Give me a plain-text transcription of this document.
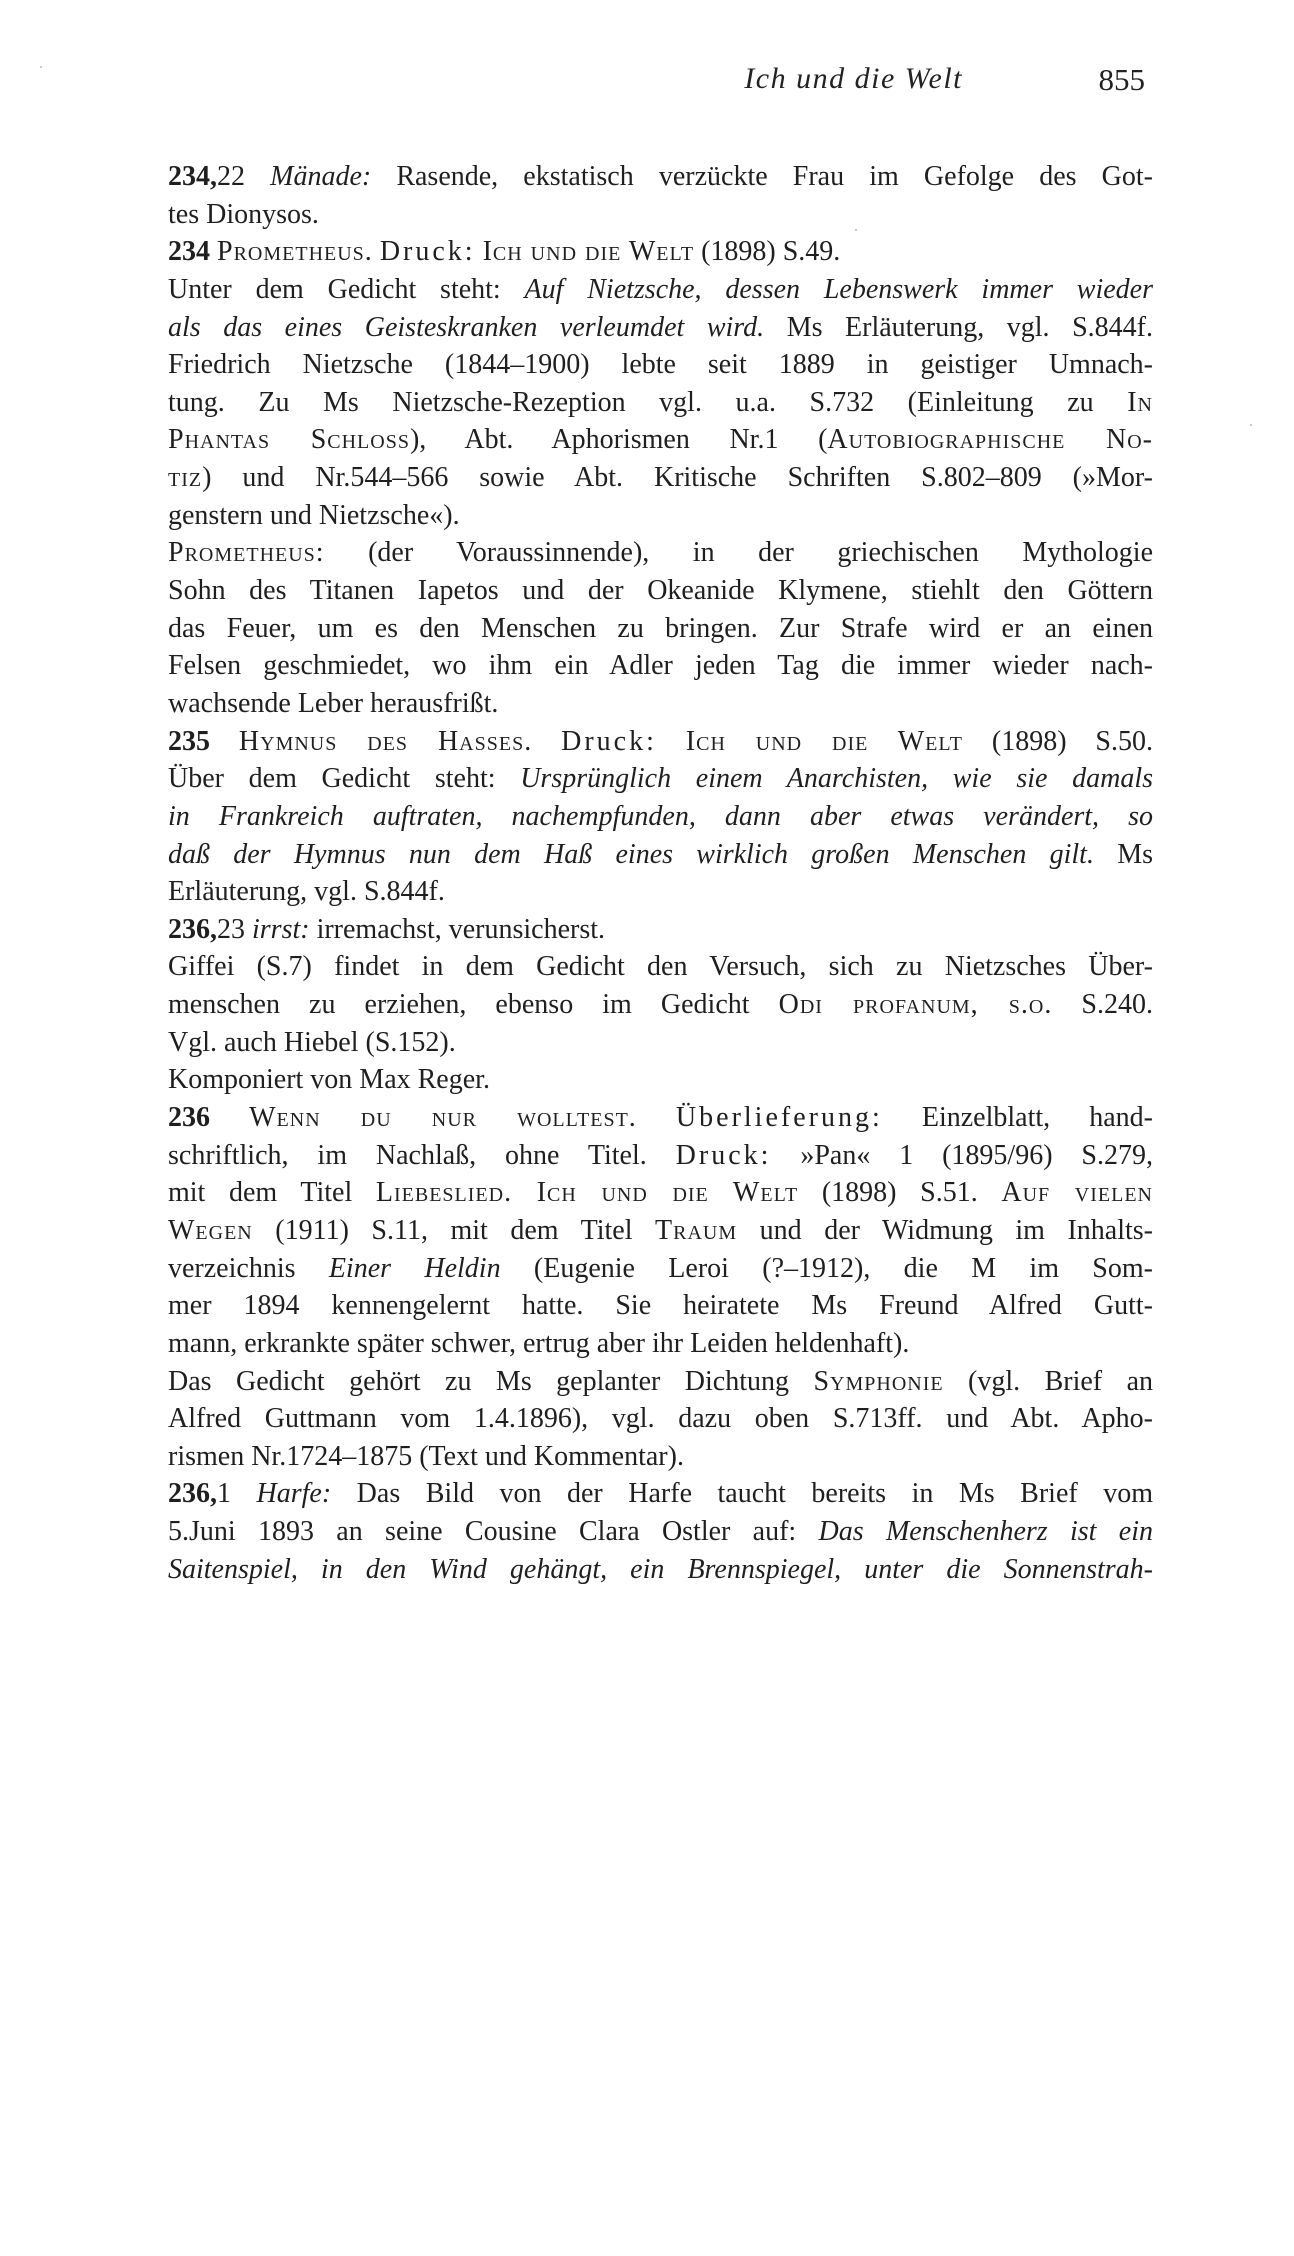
Ich und die Welt	855
234,22 Mänade: Rasende, ekstatisch verzückte Frau im Gefolge des Got-
tes Dionysos.
234 Prometheus. Druck: Ich und die Welt (1898) S.49.
Unter dem Gedicht steht: Auf Nietzsche, dessen Lebenswerk immer wieder
als das eines Geisteskranken verleumdet wird. Ms Erläuterung, vgl. S.844f.
Friedrich Nietzsche (1844–1900) lebte seit 1889 in geistiger Umnach-
tung. Zu Ms Nietzsche-Rezeption vgl. u.a. S.732 (Einleitung zu In
Phantas Schloss), Abt. Aphorismen Nr.1 (Autobiographische No-
tiz) und Nr.544–566 sowie Abt. Kritische Schriften S.802–809 (»Mor-
genstern und Nietzsche«).
Prometheus: (der Voraussinnende), in der griechischen Mythologie
Sohn des Titanen Iapetos und der Okeanide Klymene, stiehlt den Göttern
das Feuer, um es den Menschen zu bringen. Zur Strafe wird er an einen
Felsen geschmiedet, wo ihm ein Adler jeden Tag die immer wieder nach-
wachsende Leber herausfrißt.
235 Hymnus des Hasses. Druck: Ich und die Welt (1898) S.50.
Über dem Gedicht steht: Ursprünglich einem Anarchisten, wie sie damals
in Frankreich auftraten, nachempfunden, dann aber etwas verändert, so
daß der Hymnus nun dem Haß eines wirklich großen Menschen gilt. Ms
Erläuterung, vgl. S.844f.
236,23 irrst: irremachst, verunsicherst.
Giffei (S.7) findet in dem Gedicht den Versuch, sich zu Nietzsches Über-
menschen zu erziehen, ebenso im Gedicht Odi profanum, s.o. S.240.
Vgl. auch Hiebel (S.152).
Komponiert von Max Reger.
236 Wenn du nur wolltest. Überlieferung: Einzelblatt, hand-
schriftlich, im Nachlaß, ohne Titel. Druck: »Pan« 1 (1895/96) S.279,
mit dem Titel Liebeslied. Ich und die Welt (1898) S.51. Auf vielen
Wegen (1911) S.11, mit dem Titel Traum und der Widmung im Inhalts-
verzeichnis Einer Heldin (Eugenie Leroi (?–1912), die M im Som-
mer 1894 kennengelernt hatte. Sie heiratete Ms Freund Alfred Gutt-
mann, erkrankte später schwer, ertrug aber ihr Leiden heldenhaft).
Das Gedicht gehört zu Ms geplanter Dichtung Symphonie (vgl. Brief an
Alfred Guttmann vom 1.4.1896), vgl. dazu oben S.713ff. und Abt. Apho-
rismen Nr.1724–1875 (Text und Kommentar).
236,1 Harfe: Das Bild von der Harfe taucht bereits in Ms Brief vom
5.Juni 1893 an seine Cousine Clara Ostler auf: Das Menschenherz ist ein
Saitenspiel, in den Wind gehängt, ein Brennspiegel, unter die Sonnenstrah-
